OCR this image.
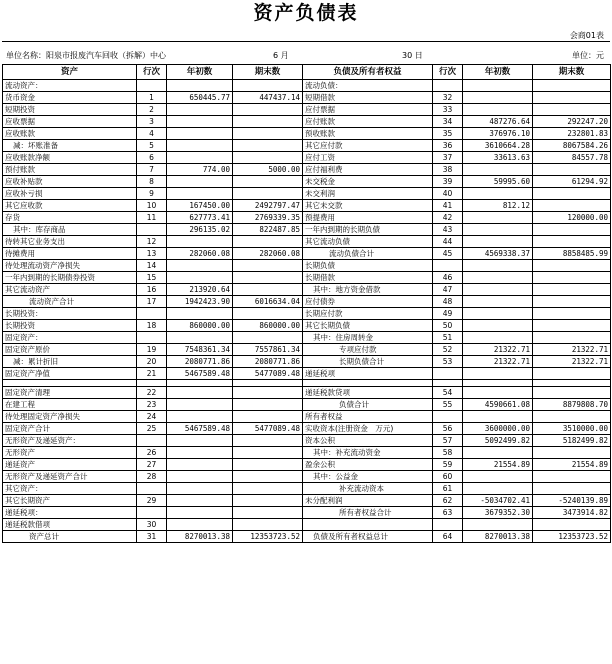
资产负债表
会商01表
单位名称：阳泉市报废汽车回收（拆解）中心	6 月	30 日	单位：元
资产	行次	年初数	期末数	负债及所有者权益	行次	年初数	期末数
流动资产：				流动负债：			
货币资金	1	650445.77	447437.14	短期借款	32		
短期投资	2			应付票据	33		
应收票据	3			应付账款	34	487276.64	292247.20
应收账款	4			预收账款	35	376976.10	232801.83
减：坏账准备	5			其它应付款	36	3610664.28	8067584.26
应收账款净额	6			应付工资	37	33613.63	84557.78
预付账款	7	774.00	5000.00	应付福利费	38		
应收补贴款	8			未交税金	39	59995.60	61294.92
应收补亏损	9			未交利润	40		
其它应收款	10	167450.00	2492797.47	其它未交款	41	812.12	
存货	11	627773.41	2769339.35	预提费用	42		120000.00
其中：库存商品		296135.02	822487.85	一年内到期的长期负债	43		
待转其它业务支出	12			其它流动负债	44		
待摊费用	13	282060.08	282060.08	流动负债合计	45	4569338.37	8858485.99
待处理流动资产净损失	14			长期负债			
一年内到期的长期债券投资	15			长期借款	46		
其它流动资产	16	213920.64		其中：地方资金借款	47		
流动资产合计	17	1942423.90	6016634.04	应付债券	48		
长期投资：				长期应付款	49		
长期投资	18	860000.00	860000.00	其它长期负债	50		
固定资产：				其中：住房周转金	51		
固定资产原价	19	7548361.34	7557861.34	专项应付款	52	21322.71	21322.71
减：累计折旧	20	2080771.86	2080771.86	长期负债合计	53	21322.71	21322.71
固定资产净值	21	5467589.48	5477089.48	递延税项			

固定资产清理	22			递延税款贷项	54		
在建工程	23			负债合计	55	4590661.08	8879808.70
待处理固定资产净损失	24			所有者权益			
固定资产合计	25	5467589.48	5477089.48	实收资本(注册资金　万元)	56	3600000.00	3510000.00
无形资产及递延资产：				资本公积	57	5092499.82	5182499.82
无形资产	26			其中：补充流动资金	58		
递延资产	27			盈余公积	59	21554.89	21554.89
无形资产及递延资产合计	28			其中：公益金	60		
其它资产：				补充流动资本	61		
其它长期资产	29			未分配利润	62	-5034702.41	-5240139.89
递延税项：				所有者权益合计	63	3679352.30	3473914.82
递延税款借项	30						
资产总计	31	8270013.38	12353723.52	负债及所有者权益总计	64	8270013.38	12353723.52
